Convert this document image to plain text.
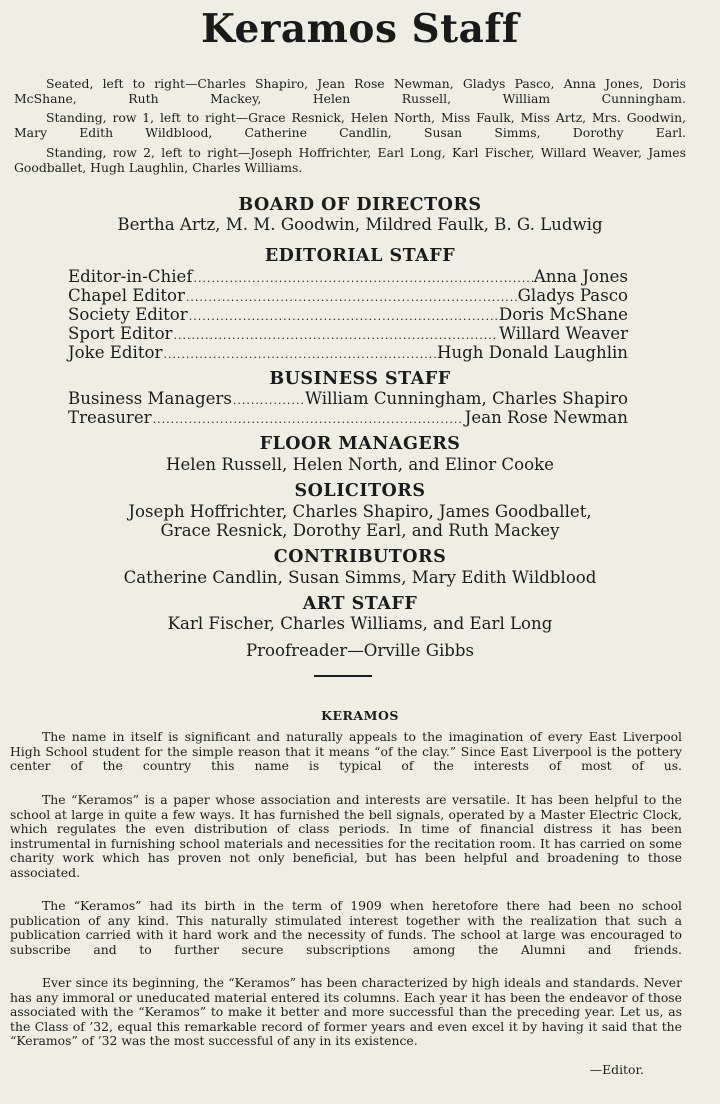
Keramos Staff

Seated, left to right—Charles Shapiro, Jean Rose Newman, Gladys Pasco, Anna Jones, Doris McShane, Ruth Mackey, Helen Russell, William Cunningham.

Standing, row 1, left to right—Grace Resnick, Helen North, Miss Faulk, Miss Artz, Mrs. Goodwin, Mary Edith Wildblood, Catherine Candlin, Susan Simms, Dorothy Earl.

Standing, row 2, left to right—Joseph Hoffrichter, Earl Long, Karl Fischer, Willard Weaver, James Goodballet, Hugh Laughlin, Charles Williams.

BOARD OF DIRECTORS
Bertha Artz, M. M. Goodwin, Mildred Faulk, B. G. Ludwig
EDITORIAL STAFF
Editor-in-Chief .....	Anna Jones
Chapel Editor .....	Gladys Pasco
Society Editor .....	Doris McShane
Sport Editor .....	Willard Weaver
Joke Editor .....	Hugh Donald Laughlin
BUSINESS STAFF
Business Managers .....	William Cunningham, Charles Shapiro
Treasurer .....	Jean Rose Newman
FLOOR MANAGERS
Helen Russell, Helen North, and Elinor Cooke
SOLICITORS
Joseph Hoffrichter, Charles Shapiro, James Goodballet,
Grace Resnick, Dorothy Earl, and Ruth Mackey
CONTRIBUTORS
Catherine Candlin, Susan Simms, Mary Edith Wildblood
ART STAFF
Karl Fischer, Charles Williams, and Earl Long
Proofreader—Orville Gibbs
KERAMOS

The name in itself is significant and naturally appeals to the imagination of every East Liverpool High School student for the simple reason that it means “of the clay.” Since East Liverpool is the pottery center of the country this name is typical of the interests of most of us.

The “Keramos” is a paper whose association and interests are versatile. It has been helpful to the school at large in quite a few ways. It has furnished the bell signals, operated by a Master Electric Clock, which regulates the even distribution of class periods. In time of financial distress it has been instrumental in furnishing school materials and necessities for the recitation room. It has carried on some charity work which has proven not only beneficial, but has been helpful and broadening to those associated.

The “Keramos” had its birth in the term of 1909 when heretofore there had been no school publication of any kind. This naturally stimulated interest together with the realization that such a publication carried with it hard work and the necessity of funds. The school at large was encouraged to subscribe and to further secure subscriptions among the Alumni and friends.

Ever since its beginning, the “Keramos” has been characterized by high ideals and standards. Never has any immoral or uneducated material entered its columns. Each year it has been the endeavor of those associated with the “Keramos” to make it better and more successful than the preceding year. Let us, as the Class of ’32, equal this remarkable record of former years and even excel it by having it said that the “Keramos” of ’32 was the most successful of any in its existence.

—Editor.
